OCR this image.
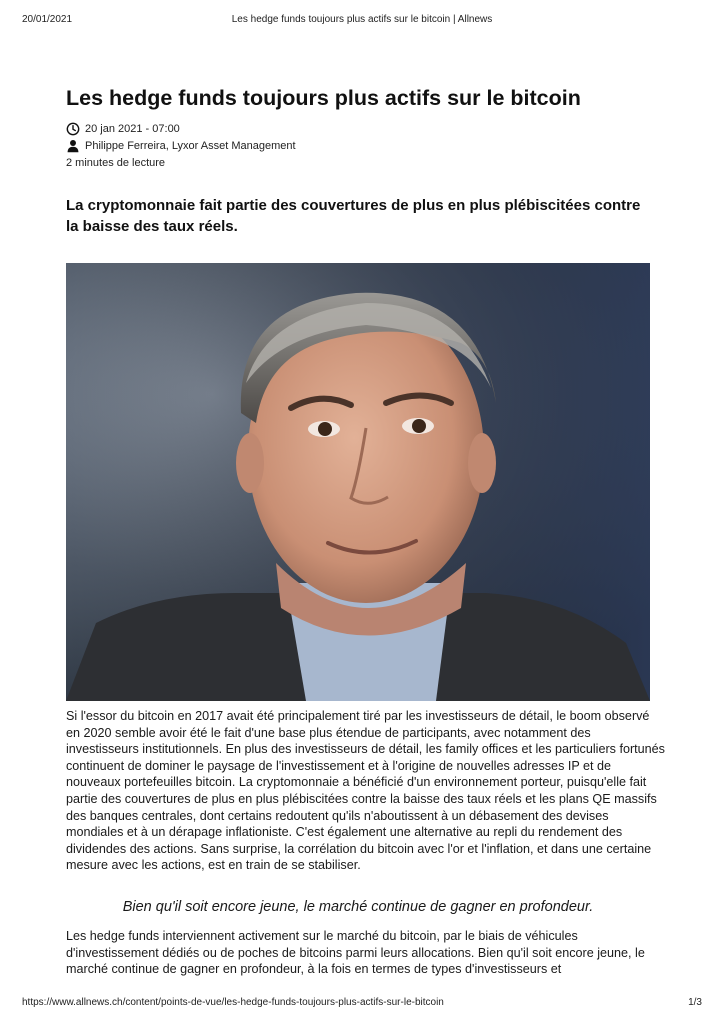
20/01/2021	Les hedge funds toujours plus actifs sur le bitcoin | Allnews
Les hedge funds toujours plus actifs sur le bitcoin
20 jan 2021 - 07:00
Philippe Ferreira, Lyxor Asset Management
2 minutes de lecture

La cryptomonnaie fait partie des couvertures de plus en plus plébiscitées contre la baisse des taux réels.

Si l'essor du bitcoin en 2017 avait été principalement tiré par les investisseurs de détail, le boom observé en 2020 semble avoir été le fait d'une base plus étendue de participants, avec notamment des investisseurs institutionnels. En plus des investisseurs de détail, les family offices et les particuliers fortunés continuent de dominer le paysage de l'investissement et à l'origine de nouvelles adresses IP et de nouveaux portefeuilles bitcoin. La cryptomonnaie a bénéficié d'un environnement porteur, puisqu'elle fait partie des couvertures de plus en plus plébiscitées contre la baisse des taux réels et les plans QE massifs des banques centrales, dont certains redoutent qu'ils n'aboutissent à un débasement des devises mondiales et à un dérapage inflationiste. C'est également une alternative au repli du rendement des dividendes des actions. Sans surprise, la corrélation du bitcoin avec l'or et l'inflation, et dans une certaine mesure avec les actions, est en train de se stabiliser.

Bien qu'il soit encore jeune, le marché continue de gagner en profondeur.

Les hedge funds interviennent activement sur le marché du bitcoin, par le biais de véhicules d'investissement dédiés ou de poches de bitcoins parmi leurs allocations. Bien qu'il soit encore jeune, le marché continue de gagner en profondeur, à la fois en termes de types d'investisseurs et

https://www.allnews.ch/content/points-de-vue/les-hedge-funds-toujours-plus-actifs-sur-le-bitcoin	1/3
